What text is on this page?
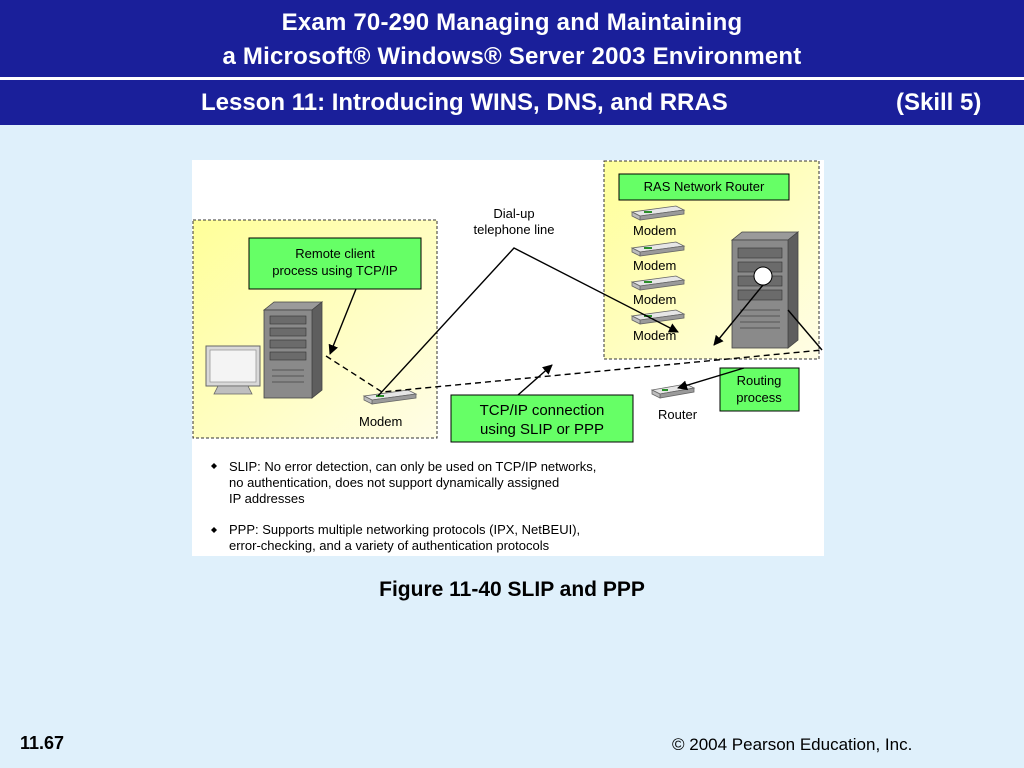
Exam 70-290 Managing and Maintaining
a Microsoft® Windows® Server 2003 Environment
Lesson 11: Introducing WINS, DNS, and RRAS	(Skill 5)
Dial-up
telephone line
RAS Network Router
Modem
Modem
Modem
Modem
Remote client
process using TCP/IP
Modem
TCP/IP connection
using SLIP or PPP
Router
Routing
process
SLIP: No error detection, can only be used on TCP/IP networks,
no authentication, does not support dynamically assigned
IP addresses
PPP: Supports multiple networking protocols (IPX, NetBEUI),
error-checking, and a variety of authentication protocols
Figure 11-40 SLIP and PPP
11.67	© 2004 Pearson Education, Inc.
